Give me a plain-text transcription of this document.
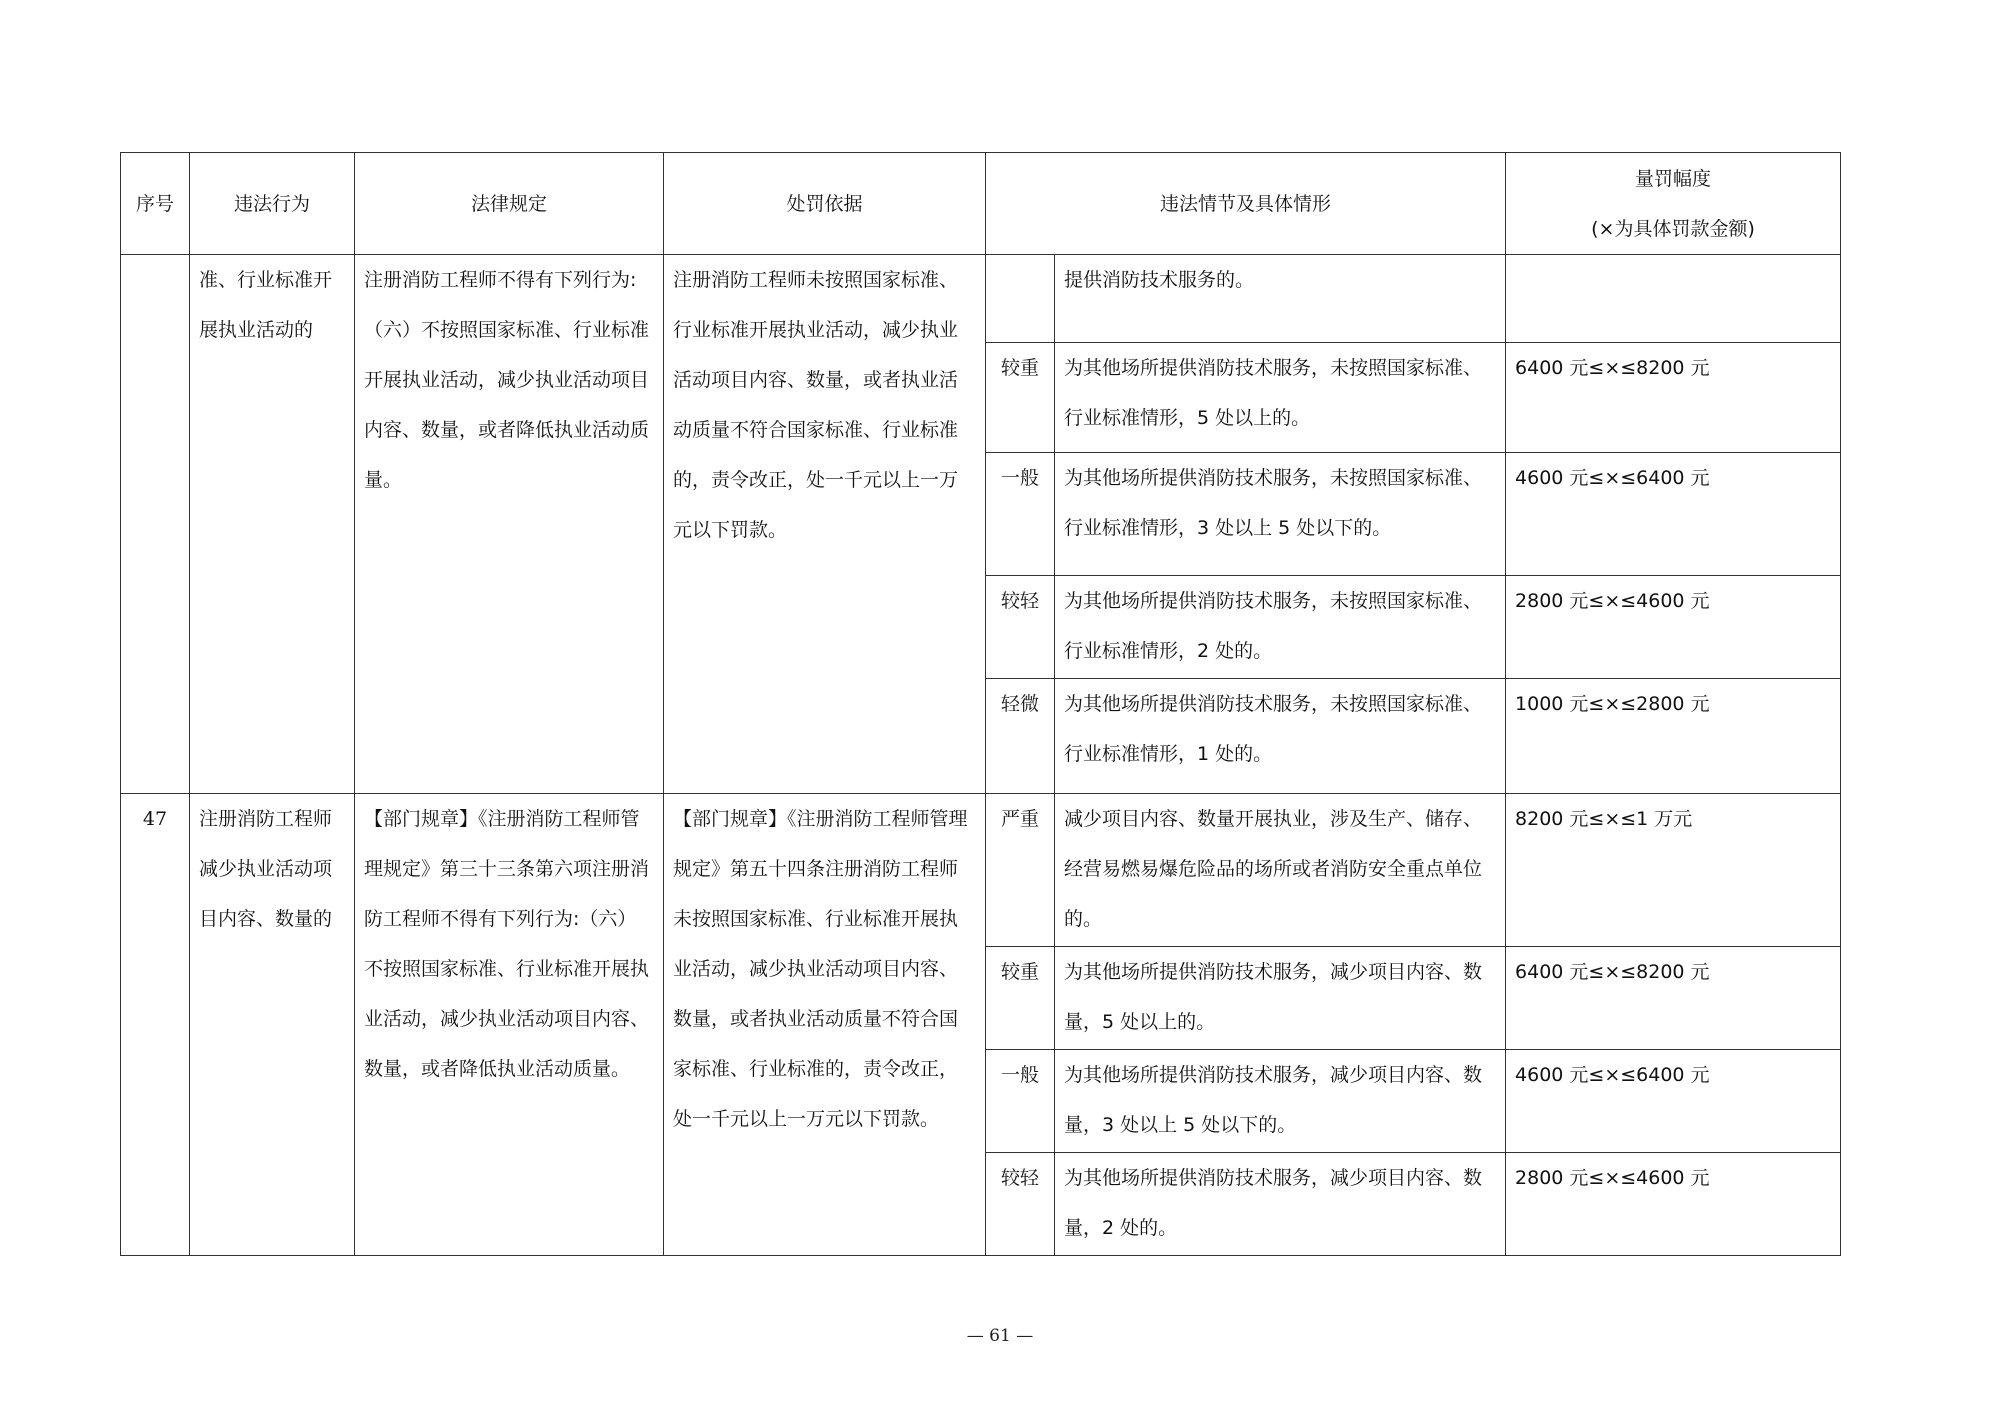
序号	违法行为	法律规定	处罚依据	违法情节及具体情形		量罚幅度
(×为具体罚款金额)

	准、行业标准开展执业活动的	注册消防工程师不得有下列行为:（六）不按照国家标准、行业标准开展执业活动，减少执业活动项目内容、数量，或者降低执业活动质量。	注册消防工程师未按照国家标准、行业标准开展执业活动，减少执业活动项目内容、数量，或者执业活动质量不符合国家标准、行业标准的，责令改正，处一千元以上一万元以下罚款。		提供消防技术服务的。	
				较重	为其他场所提供消防技术服务，未按照国家标准、行业标准情形，5 处以上的。	6400 元≤×≤8200 元
				一般	为其他场所提供消防技术服务，未按照国家标准、行业标准情形，3 处以上 5 处以下的。	4600 元≤×≤6400 元
				较轻	为其他场所提供消防技术服务，未按照国家标准、行业标准情形，2 处的。	2800 元≤×≤4600 元
				轻微	为其他场所提供消防技术服务，未按照国家标准、行业标准情形，1 处的。	1000 元≤×≤2800 元
47	注册消防工程师减少执业活动项目内容、数量的	【部门规章】《注册消防工程师管理规定》第三十三条第六项注册消防工程师不得有下列行为:（六）不按照国家标准、行业标准开展执业活动，减少执业活动项目内容、数量，或者降低执业活动质量。	【部门规章】《注册消防工程师管理规定》第五十四条注册消防工程师未按照国家标准、行业标准开展执业活动，减少执业活动项目内容、数量，或者执业活动质量不符合国家标准、行业标准的，责令改正，处一千元以上一万元以下罚款。	严重	减少项目内容、数量开展执业，涉及生产、储存、经营易燃易爆危险品的场所或者消防安全重点单位的。	8200 元≤×≤1 万元
				较重	为其他场所提供消防技术服务，减少项目内容、数量，5 处以上的。	6400 元≤×≤8200 元
				一般	为其他场所提供消防技术服务，减少项目内容、数量，3 处以上 5 处以下的。	4600 元≤×≤6400 元
				较轻	为其他场所提供消防技术服务，减少项目内容、数量，2 处的。	2800 元≤×≤4600 元
— 61 —
